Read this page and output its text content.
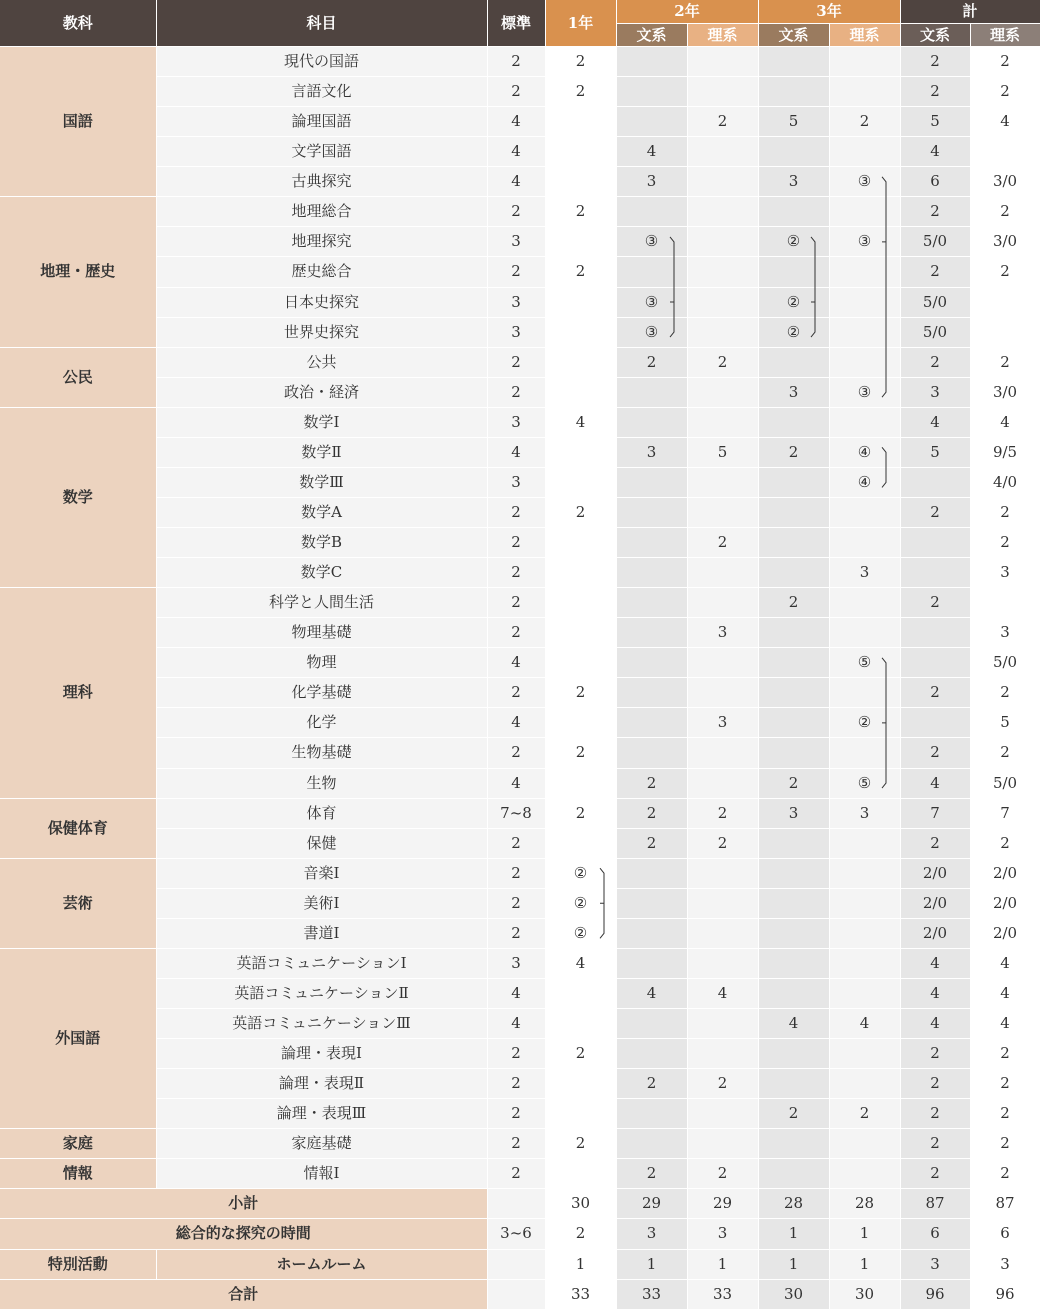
教科	科目	標準	1年	2年		3年		計	
				文系	理系	文系	理系	文系	理系
国語	現代の国語	2	2					2	2
	言語文化	2	2					2	2
	論理国語	4			2	5	2	5	4
	文学国語	4		4				4	
	古典探究	4		3		3	③	6	3/0
地理・歴史	地理総合	2	2					2	2
	地理探究	3		③		②	③	5/0	3/0
	歴史総合	2	2					2	2
	日本史探究	3		③		②		5/0	
	世界史探究	3		③		②		5/0	
公民	公共	2		2	2			2	2
	政治・経済	2				3	③	3	3/0
数学	数学Ⅰ	3	4					4	4
	数学Ⅱ	4		3	5	2	④	5	9/5
	数学Ⅲ	3					④		4/0
	数学A	2	2					2	2
	数学B	2			2				2
	数学C	2					3		3
理科	科学と人間生活	2				2		2	
	物理基礎	2			3				3
	物理	4					⑤		5/0
	化学基礎	2	2					2	2
	化学	4			3		②		5
	生物基礎	2	2					2	2
	生物	4		2		2	⑤	4	5/0
保健体育	体育	7~8	2	2	2	3	3	7	7
	保健	2		2	2			2	2
芸術	音楽Ⅰ	2	②					2/0	2/0
	美術Ⅰ	2	②					2/0	2/0
	書道Ⅰ	2	②					2/0	2/0
外国語	英語コミュニケーションⅠ	3	4					4	4
	英語コミュニケーションⅡ	4		4	4			4	4
	英語コミュニケーションⅢ	4				4	4	4	4
	論理・表現Ⅰ	2	2					2	2
	論理・表現Ⅱ	2		2	2			2	2
	論理・表現Ⅲ	2				2	2	2	2
家庭	家庭基礎	2	2					2	2
情報	情報Ⅰ	2		2	2			2	2
小計			30	29	29	28	28	87	87
総合的な探究の時間		3~6	2	3	3	1	1	6	6
特別活動	ホームルーム		1	1	1	1	1	3	3
合計			33	33	33	30	30	96	96
